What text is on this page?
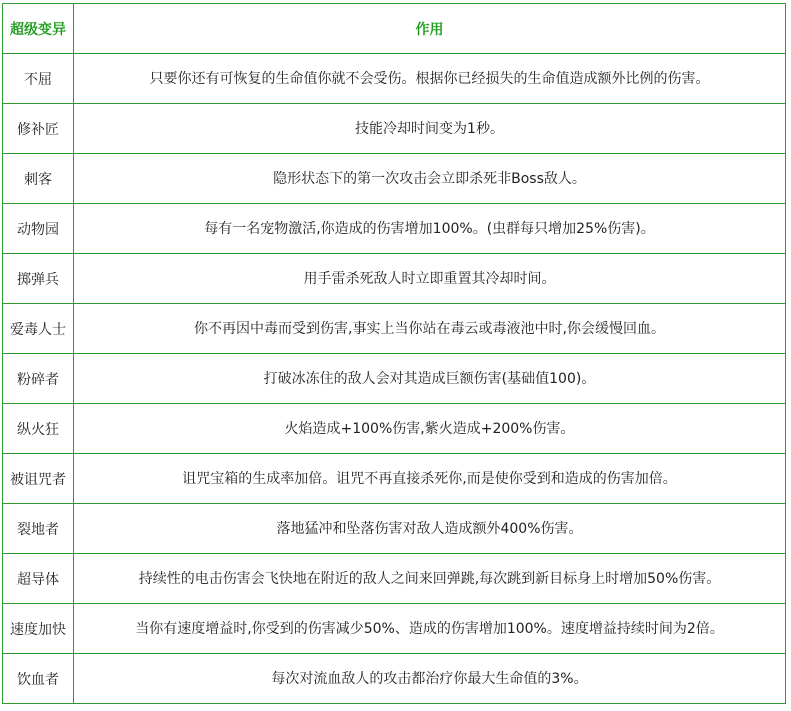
超级变异	作用
不屈	只要你还有可恢复的生命值你就不会受伤。根据你已经损失的生命值造成额外比例的伤害。
修补匠	技能冷却时间变为1秒。
刺客	隐形状态下的第一次攻击会立即杀死非Boss敌人。
动物园	每有一名宠物激活,你造成的伤害增加100%。(虫群每只增加25%伤害)。
掷弹兵	用手雷杀死敌人时立即重置其冷却时间。
爱毒人士	你不再因中毒而受到伤害,事实上当你站在毒云或毒液池中时,你会缓慢回血。
粉碎者	打破冰冻住的敌人会对其造成巨额伤害(基础值100)。
纵火狂	火焰造成+100%伤害,紫火造成+200%伤害。
被诅咒者	诅咒宝箱的生成率加倍。诅咒不再直接杀死你,而是使你受到和造成的伤害加倍。
裂地者	落地猛冲和坠落伤害对敌人造成额外400%伤害。
超导体	持续性的电击伤害会飞快地在附近的敌人之间来回弹跳,每次跳到新目标身上时增加50%伤害。
速度加快	当你有速度增益时,你受到的伤害减少50%、造成的伤害增加100%。速度增益持续时间为2倍。
饮血者	每次对流血敌人的攻击都治疗你最大生命值的3%。
